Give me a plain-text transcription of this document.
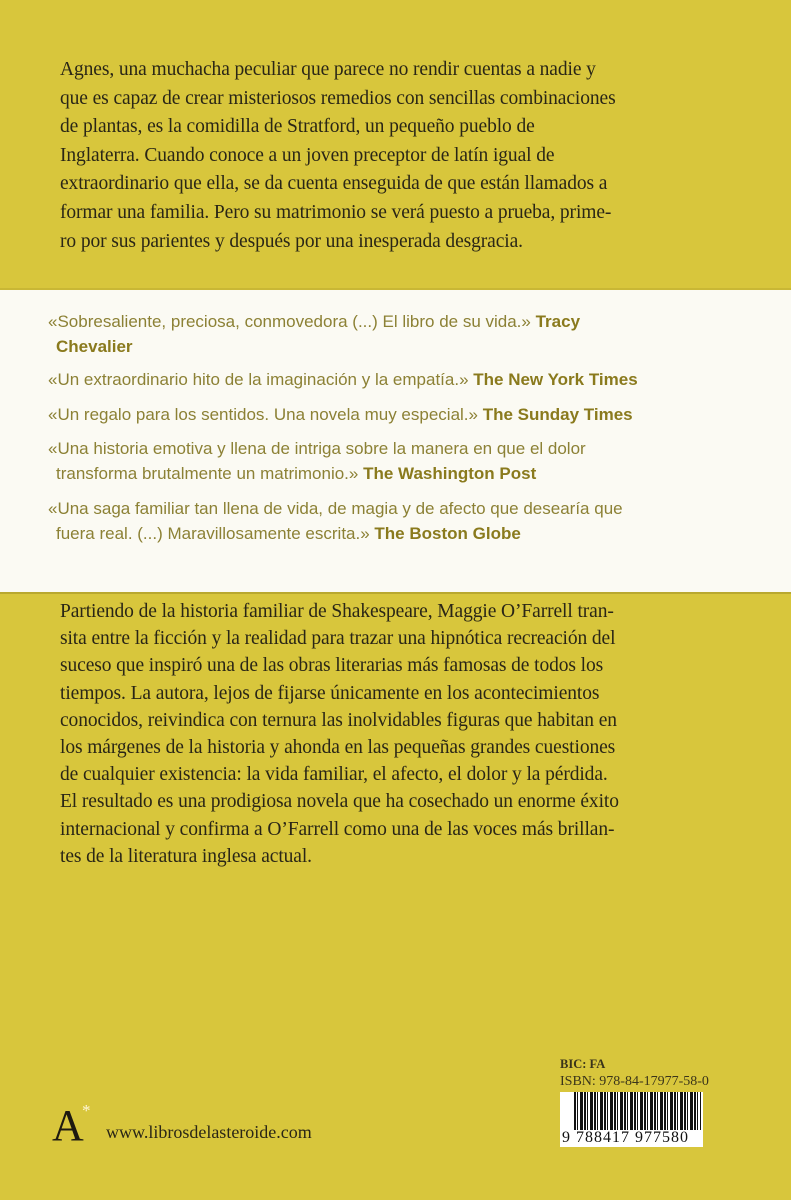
Agnes, una muchacha peculiar que parece no rendir cuentas a nadie y
que es capaz de crear misteriosos remedios con sencillas combinaciones
de plantas, es la comidilla de Stratford, un pequeño pueblo de
Inglaterra. Cuando conoce a un joven preceptor de latín igual de
extraordinario que ella, se da cuenta enseguida de que están llamados a
formar una familia. Pero su matrimonio se verá puesto a prueba, prime-
ro por sus parientes y después por una inesperada desgracia.
«Sobresaliente, preciosa, conmovedora (...) El libro de su vida.» Tracy
Chevalier
«Un extraordinario hito de la imaginación y la empatía.» The New York Times
«Un regalo para los sentidos. Una novela muy especial.» The Sunday Times
«Una historia emotiva y llena de intriga sobre la manera en que el dolor
transforma brutalmente un matrimonio.» The Washington Post
«Una saga familiar tan llena de vida, de magia y de afecto que desearía que
fuera real. (...) Maravillosamente escrita.» The Boston Globe
Partiendo de la historia familiar de Shakespeare, Maggie O’Farrell tran-
sita entre la ficción y la realidad para trazar una hipnótica recreación del
suceso que inspiró una de las obras literarias más famosas de todos los
tiempos. La autora, lejos de fijarse únicamente en los acontecimientos
conocidos, reivindica con ternura las inolvidables figuras que habitan en
los márgenes de la historia y ahonda en las pequeñas grandes cuestiones
de cualquier existencia: la vida familiar, el afecto, el dolor y la pérdida.
El resultado es una prodigiosa novela que ha cosechado un enorme éxito
internacional y confirma a O’Farrell como una de las voces más brillan-
tes de la literatura inglesa actual.
A
*
www.librosdelasteroide.com
BIC: FA
ISBN: 978-84-17977-58-0
9 788417 977580
